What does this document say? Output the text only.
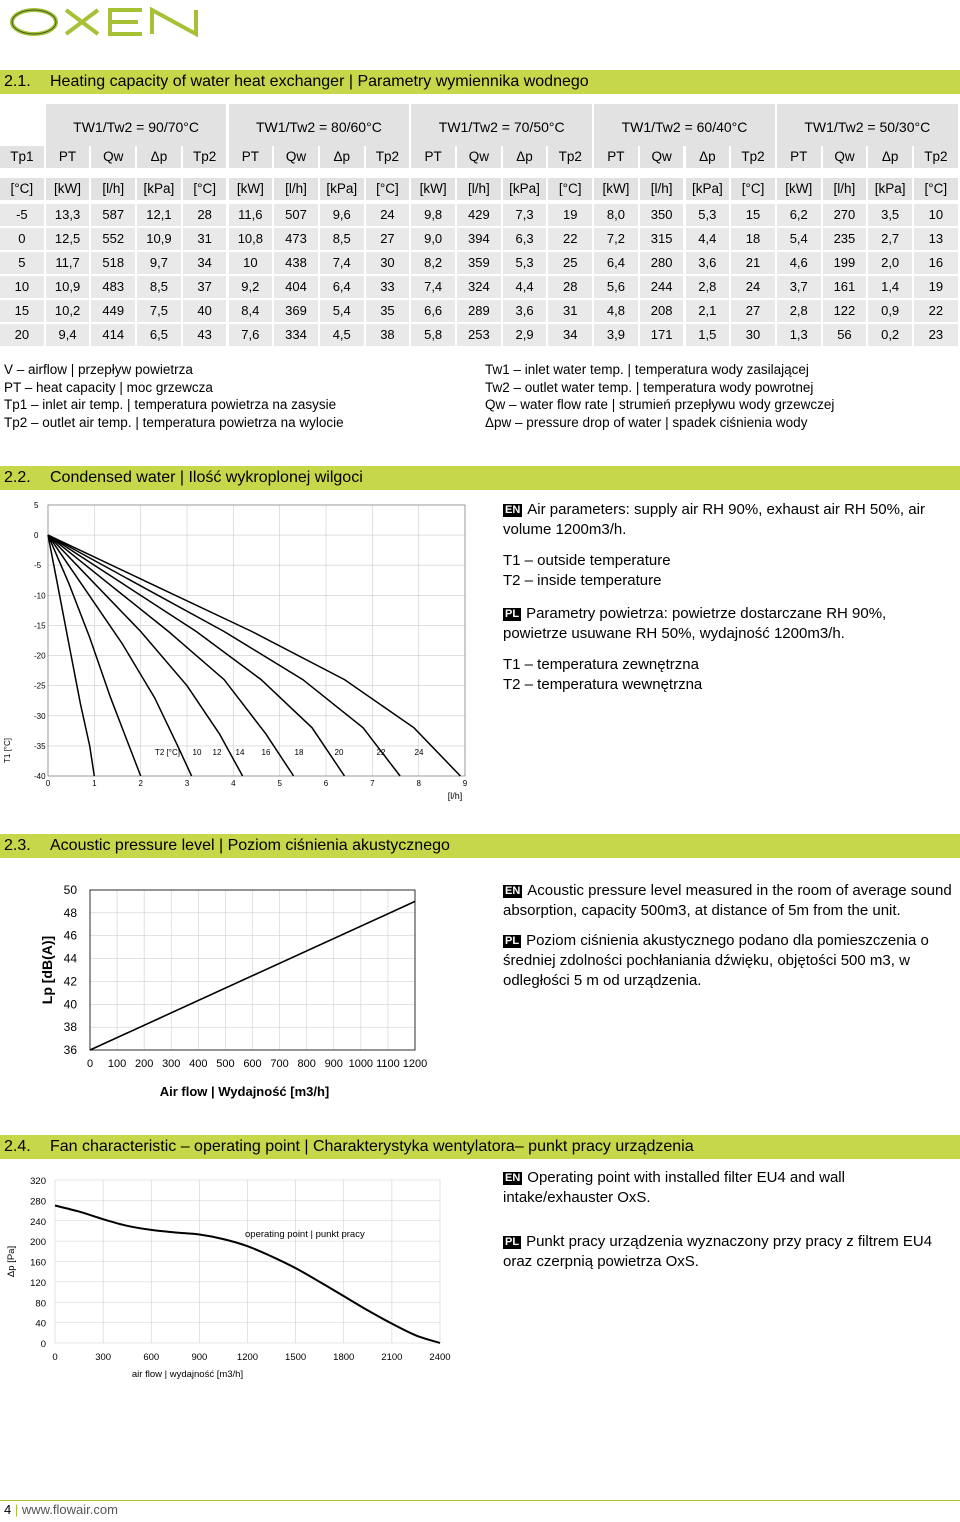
2.1. Heating capacity of water heat exchanger | Parametry wymiennika wodnego
TW1/Tw2 = 90/70°C	TW1/Tw2 = 80/60°C	TW1/Tw2 = 70/50°C	TW1/Tw2 = 60/40°C	TW1/Tw2 = 50/30°C
Tp1	PT	Qw	Δp	Tp2	PT	Qw	Δp	Tp2	PT	Qw	Δp	Tp2	PT	Qw	Δp	Tp2	PT	Qw	Δp	Tp2
[°C]	[kW]	[l/h]	[kPa]	[°C]	[kW]	[l/h]	[kPa]	[°C]	[kW]	[l/h]	[kPa]	[°C]	[kW]	[l/h]	[kPa]	[°C]	[kW]	[l/h]	[kPa]	[°C]
-5	13,3	587	12,1	28	11,6	507	9,6	24	9,8	429	7,3	19	8,0	350	5,3	15	6,2	270	3,5	10
0	12,5	552	10,9	31	10,8	473	8,5	27	9,0	394	6,3	22	7,2	315	4,4	18	5,4	235	2,7	13
5	11,7	518	9,7	34	10	438	7,4	30	8,2	359	5,3	25	6,4	280	3,6	21	4,6	199	2,0	16
10	10,9	483	8,5	37	9,2	404	6,4	33	7,4	324	4,4	28	5,6	244	2,8	24	3,7	161	1,4	19
15	10,2	449	7,5	40	8,4	369	5,4	35	6,6	289	3,6	31	4,8	208	2,1	27	2,8	122	0,9	22
20	9,4	414	6,5	43	7,6	334	4,5	38	5,8	253	2,9	34	3,9	171	1,5	30	1,3	56	0,2	23
V – airflow | przepływ powietrza
PT – heat capacity | moc grzewcza
Tp1 – inlet air temp. | temperatura powietrza na zasysie
Tp2 – outlet air temp. | temperatura powietrza na wylocie
Tw1 – inlet water temp. | temperatura wody zasilającej
Tw2 – outlet water temp. | temperatura wody powrotnej
Qw – water flow rate | strumień przepływu wody grzewczej
Δpw – pressure drop of water | spadek ciśnienia wody
2.2. Condensed water | Ilość wykroplonej wilgoci
5
0
-5
-10
-15
-20
-25
-30
-35
-40
0	1	2	3	4	5	6	7	8	9
T1 [°C]
[l/h]
T2 [°C] 10 12 14 16	18	20	22	24
EN Air parameters: supply air RH 90%, exhaust air RH 50%, air volume 1200m3/h.
T1 – outside temperature
T2 – inside temperature
PL Parametry powietrza: powietrze dostarczane RH 90%, powietrze usuwane RH 50%, wydajność 1200m3/h.
T1 – temperatura zewnętrzna
T2 – temperatura wewnętrzna
2.3. Acoustic pressure level | Poziom ciśnienia akustycznego
36
38
40
42
44
46
48
50
0 100 200 300 400 500 600 700 800 900 1000 1100 1200
Lp [dB(A)]
Air flow | Wydajność [m3/h]
EN Acoustic pressure level measured in the room of average sound absorption, capacity 500m3, at distance of 5m from the unit.
PL Poziom ciśnienia akustycznego podano dla pomieszczenia o średniej zdolności pochłaniania dźwięku, objętości 500 m3, w odległości 5 m od urządzenia.
2.4. Fan characteristic – operating point | Charakterystyka wentylatora– punkt pracy urządzenia
320
280
240
200
160
120
80
40
0
0	300	600	900	1200	1500	1800	2100	2400
Δp [Pa]
air flow | wydajność [m3/h]
operating point | punkt pracy
EN Operating point with installed filter EU4 and wall intake/exhauster OxS.
PL Punkt pracy urządzenia wyznaczony przy pracy z filtrem EU4 oraz czerpnią powietrza OxS.
4 | www.flowair.com
